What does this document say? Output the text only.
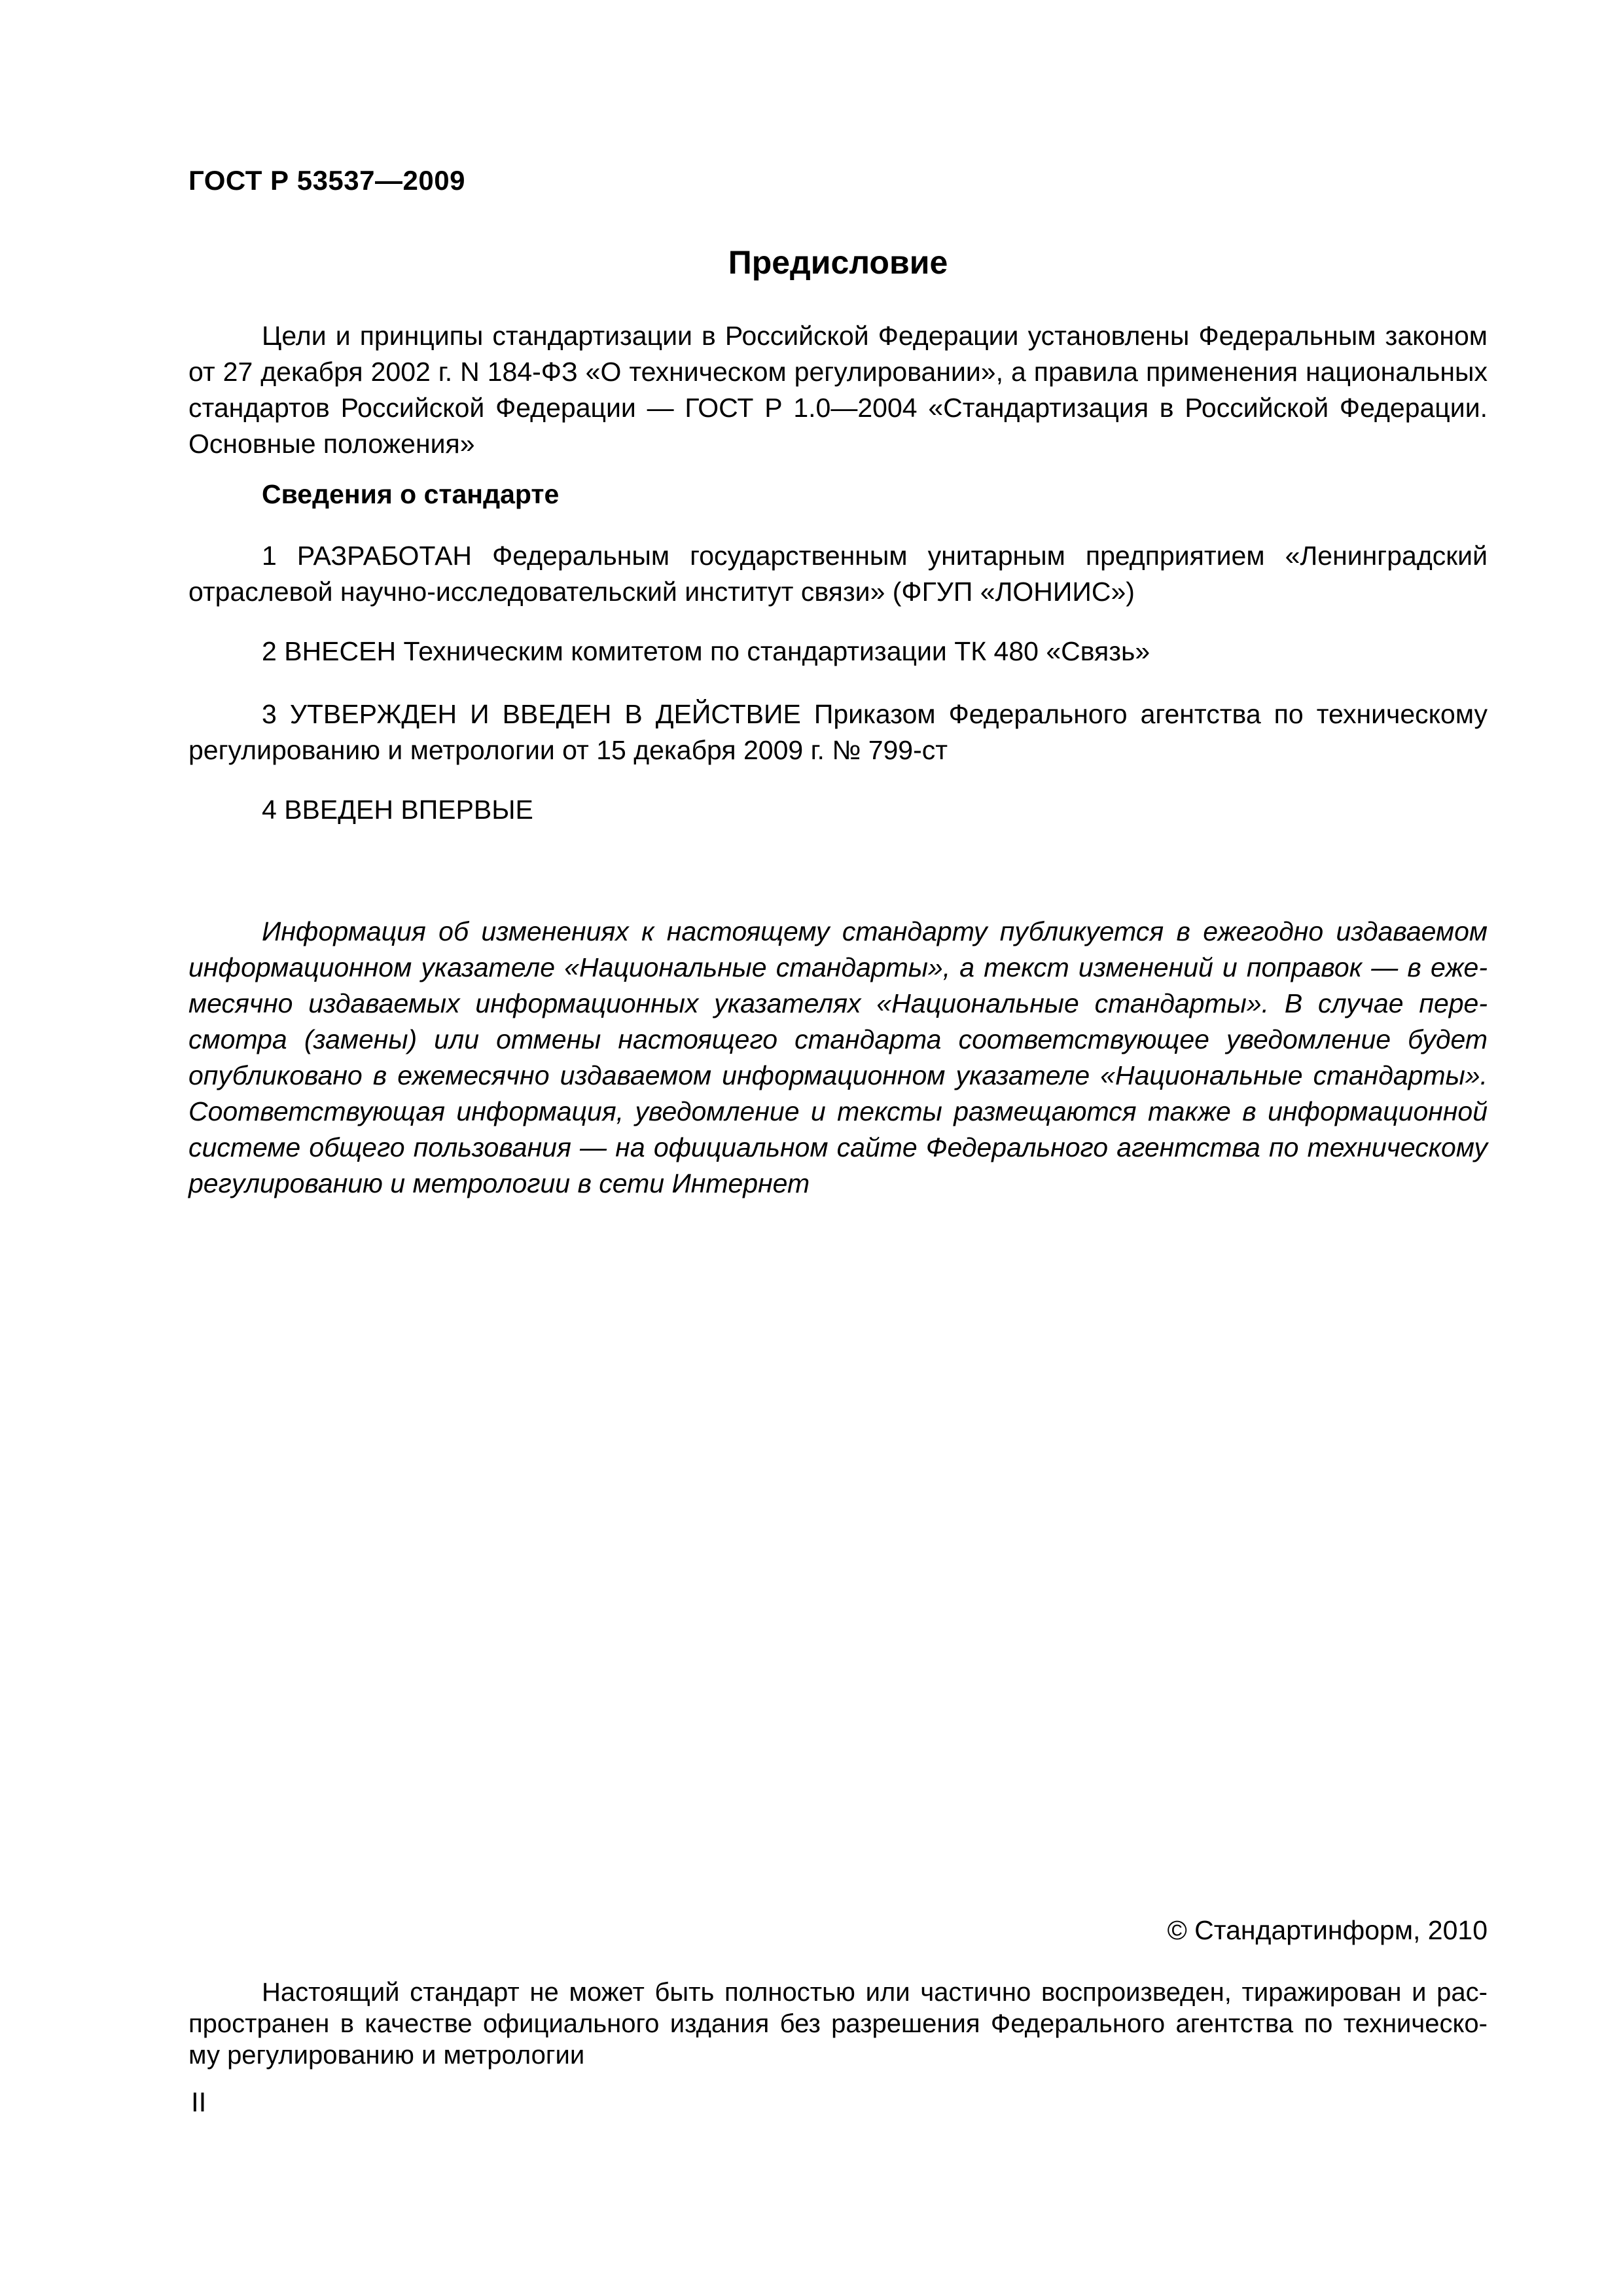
ГОСТ Р 53537—2009
Предисловие
Цели и принципы стандартизации в Российской Федерации установлены Федеральным законом
от 27 декабря 2002 г. N 184-ФЗ «О техническом регулировании», а правила применения национальных
стандартов Российской Федерации — ГОСТ Р 1.0—2004 «Стандартизация в Российской Федерации.
Основные положения»
Сведения о стандарте
1 РАЗРАБОТАН Федеральным государственным унитарным предприятием «Ленинградский
отраслевой научно-исследовательский институт связи» (ФГУП «ЛОНИИС»)
2 ВНЕСЕН Техническим комитетом по стандартизации ТК 480 «Связь»
3 УТВЕРЖДЕН И ВВЕДЕН В ДЕЙСТВИЕ Приказом Федерального агентства по техническому
регулированию и метрологии от 15 декабря 2009 г. № 799-ст
4 ВВЕДЕН ВПЕРВЫЕ
Информация об изменениях к настоящему стандарту публикуется в ежегодно издаваемом
информационном указателе «Национальные стандарты», а текст изменений и поправок — в еже-
месячно издаваемых информационных указателях «Национальные стандарты». В случае пере-
смотра (замены) или отмены настоящего стандарта соответствующее уведомление будет
опубликовано в ежемесячно издаваемом информационном указателе «Национальные стандарты».
Соответствующая информация, уведомление и тексты размещаются также в информационной
системе общего пользования — на официальном сайте Федерального агентства по техническому
регулированию и метрологии в сети Интернет
© Стандартинформ, 2010
Настоящий стандарт не может быть полностью или частично воспроизведен, тиражирован и рас-
пространен в качестве официального издания без разрешения Федерального агентства по техническо-
му регулированию и метрологии
II
